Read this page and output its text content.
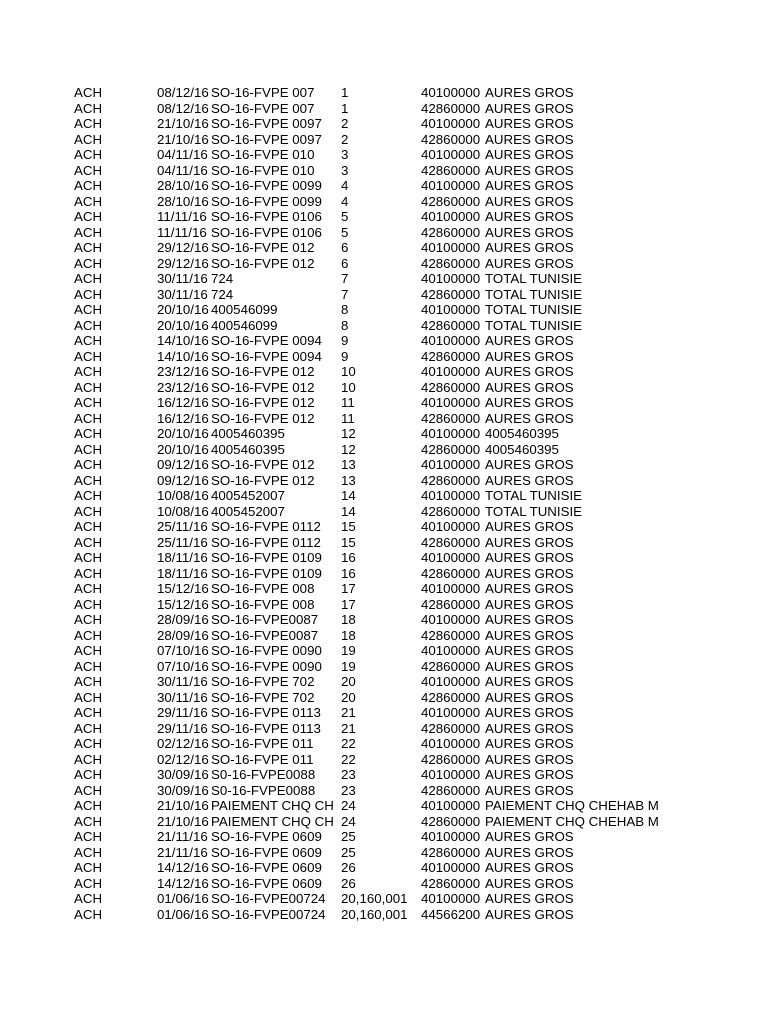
ACH	08/12/16 SO-16-FVPE 007 1	40100000 AURES GROS
ACH	08/12/16 SO-16-FVPE 007 1	42860000 AURES GROS
ACH	21/10/16 SO-16-FVPE 0097 2	40100000 AURES GROS
ACH	21/10/16 SO-16-FVPE 0097 2	42860000 AURES GROS
ACH	04/11/16 SO-16-FVPE 010 3	40100000 AURES GROS
ACH	04/11/16 SO-16-FVPE 010 3	42860000 AURES GROS
ACH	28/10/16 SO-16-FVPE 0099 4	40100000 AURES GROS
ACH	28/10/16 SO-16-FVPE 0099 4	42860000 AURES GROS
ACH	11/11/16 SO-16-FVPE 0106 5	40100000 AURES GROS
ACH	11/11/16 SO-16-FVPE 0106 5	42860000 AURES GROS
ACH	29/12/16 SO-16-FVPE 012 6	40100000 AURES GROS
ACH	29/12/16 SO-16-FVPE 012 6	42860000 AURES GROS
ACH	30/11/16 724	7	40100000 TOTAL TUNISIE
ACH	30/11/16 724	7	42860000 TOTAL TUNISIE
ACH	20/10/16 400546099	8	40100000 TOTAL TUNISIE
ACH	20/10/16 400546099	8	42860000 TOTAL TUNISIE
ACH	14/10/16 SO-16-FVPE 0094 9	40100000 AURES GROS
ACH	14/10/16 SO-16-FVPE 0094 9	42860000 AURES GROS
ACH	23/12/16 SO-16-FVPE 012 10	40100000 AURES GROS
ACH	23/12/16 SO-16-FVPE 012 10	42860000 AURES GROS
ACH	16/12/16 SO-16-FVPE 012 11	40100000 AURES GROS
ACH	16/12/16 SO-16-FVPE 012 11	42860000 AURES GROS
ACH	20/10/16 4005460395	12	40100000 4005460395
ACH	20/10/16 4005460395	12	42860000 4005460395
ACH	09/12/16 SO-16-FVPE 012 13	40100000 AURES GROS
ACH	09/12/16 SO-16-FVPE 012 13	42860000 AURES GROS
ACH	10/08/16 4005452007	14	40100000 TOTAL TUNISIE
ACH	10/08/16 4005452007	14	42860000 TOTAL TUNISIE
ACH	25/11/16 SO-16-FVPE 0112 15	40100000 AURES GROS
ACH	25/11/16 SO-16-FVPE 0112 15	42860000 AURES GROS
ACH	18/11/16 SO-16-FVPE 0109 16	40100000 AURES GROS
ACH	18/11/16 SO-16-FVPE 0109 16	42860000 AURES GROS
ACH	15/12/16 SO-16-FVPE 008 17	40100000 AURES GROS
ACH	15/12/16 SO-16-FVPE 008 17	42860000 AURES GROS
ACH	28/09/16 SO-16-FVPE0087 18	40100000 AURES GROS
ACH	28/09/16 SO-16-FVPE0087 18	42860000 AURES GROS
ACH	07/10/16 SO-16-FVPE 0090 19	40100000 AURES GROS
ACH	07/10/16 SO-16-FVPE 0090 19	42860000 AURES GROS
ACH	30/11/16 SO-16-FVPE 702 20	40100000 AURES GROS
ACH	30/11/16 SO-16-FVPE 702 20	42860000 AURES GROS
ACH	29/11/16 SO-16-FVPE 0113 21	40100000 AURES GROS
ACH	29/11/16 SO-16-FVPE 0113 21	42860000 AURES GROS
ACH	02/12/16 SO-16-FVPE 011 22	40100000 AURES GROS
ACH	02/12/16 SO-16-FVPE 011 22	42860000 AURES GROS
ACH	30/09/16 S0-16-FVPE0088 23	40100000 AURES GROS
ACH	30/09/16 S0-16-FVPE0088 23	42860000 AURES GROS
ACH	21/10/16 PAIEMENT CHQ CH 24	40100000 PAIEMENT CHQ CHEHAB M
ACH	21/10/16 PAIEMENT CHQ CH 24	42860000 PAIEMENT CHQ CHEHAB M
ACH	21/11/16 SO-16-FVPE 0609 25	40100000 AURES GROS
ACH	21/11/16 SO-16-FVPE 0609 25	42860000 AURES GROS
ACH	14/12/16 SO-16-FVPE 0609 26	40100000 AURES GROS
ACH	14/12/16 SO-16-FVPE 0609 26	42860000 AURES GROS
ACH	01/06/16 SO-16-FVPE00724 20,160,001 40100000 AURES GROS
ACH	01/06/16 SO-16-FVPE00724 20,160,001 44566200 AURES GROS
